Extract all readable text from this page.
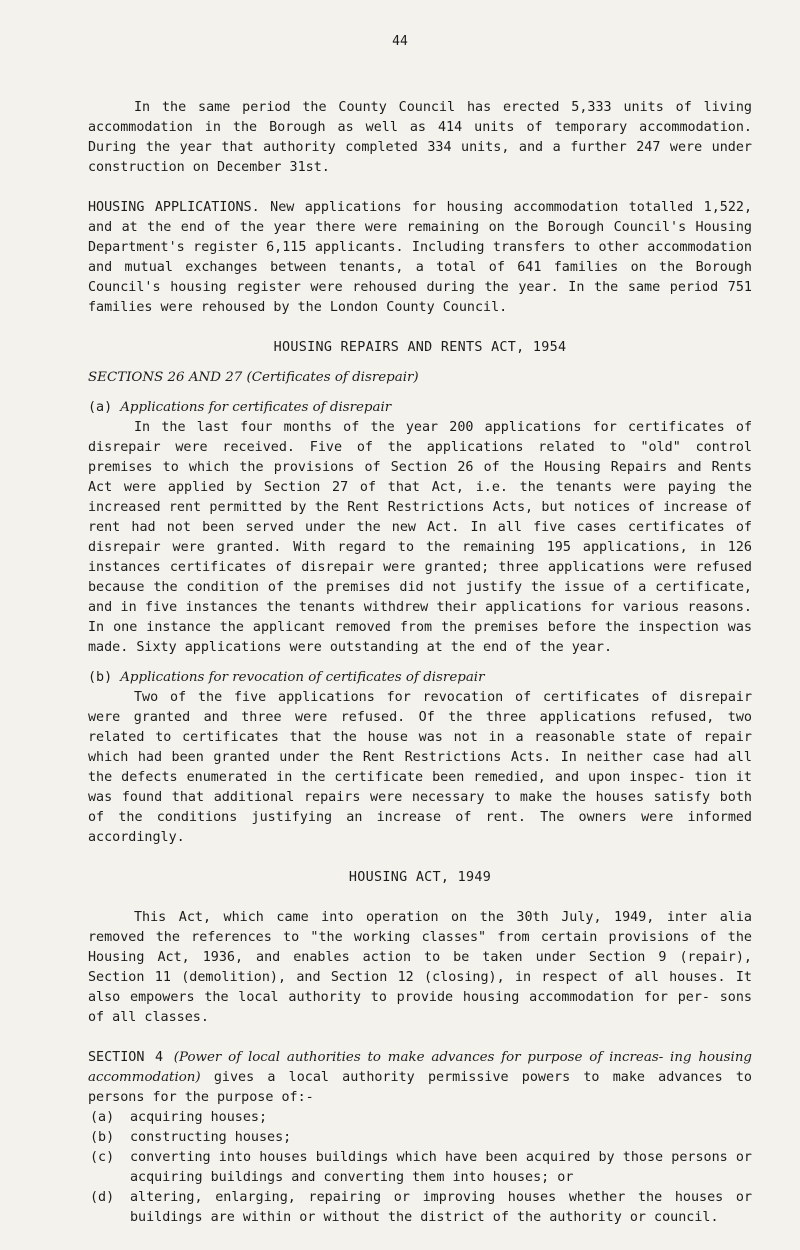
44

In the same period the County Council has erected 5,333 units of living accommodation in the Borough as well as 414 units of temporary accommodation. During the year that authority completed 334 units, and a further 247 were under construction on December 31st.

HOUSING APPLICATIONS. New applications for housing accommodation totalled 1,522, and at the end of the year there were remaining on the Borough Council's Housing Department's register 6,115 applicants. Including transfers to other accommodation and mutual exchanges between tenants, a total of 641 families on the Borough Council's housing register were rehoused during the year. In the same period 751 families were rehoused by the London County Council.

HOUSING REPAIRS AND RENTS ACT, 1954

SECTIONS 26 AND 27 (Certificates of disrepair)

(a) Applications for certificates of disrepair

In the last four months of the year 200 applications for certificates of disrepair were received. Five of the applications related to "old" control premises to which the provisions of Section 26 of the Housing Repairs and Rents Act were applied by Section 27 of that Act, i.e. the tenants were paying the increased rent permitted by the Rent Restrictions Acts, but notices of increase of rent had not been served under the new Act. In all five cases certificates of disrepair were granted. With regard to the remaining 195 applications, in 126 instances certificates of disrepair were granted; three applications were refused because the condition of the premises did not justify the issue of a certificate, and in five instances the tenants withdrew their applications for various reasons. In one instance the applicant removed from the premises before the inspection was made. Sixty applications were outstanding at the end of the year.

(b) Applications for revocation of certificates of disrepair

Two of the five applications for revocation of certificates of disrepair were granted and three were refused. Of the three applications refused, two related to certificates that the house was not in a reasonable state of repair which had been granted under the Rent Restrictions Acts. In neither case had all the defects enumerated in the certificate been remedied, and upon inspec- tion it was found that additional repairs were necessary to make the houses satisfy both of the conditions justifying an increase of rent. The owners were informed accordingly.

HOUSING ACT, 1949

This Act, which came into operation on the 30th July, 1949, inter alia removed the references to "the working classes" from certain provisions of the Housing Act, 1936, and enables action to be taken under Section 9 (repair), Section 11 (demolition), and Section 12 (closing), in respect of all houses. It also empowers the local authority to provide housing accommodation for per- sons of all classes.

SECTION 4 (Power of local authorities to make advances for purpose of increas- ing housing accommodation) gives a local authority permissive powers to make advances to persons for the purpose of:-

(a)	acquiring houses;
(b)	constructing houses;
(c)	converting into houses buildings which have been acquired by those persons or acquiring buildings and converting them into houses; or
(d)	altering, enlarging, repairing or improving houses whether the houses or buildings are within or without the district of the authority or council.
